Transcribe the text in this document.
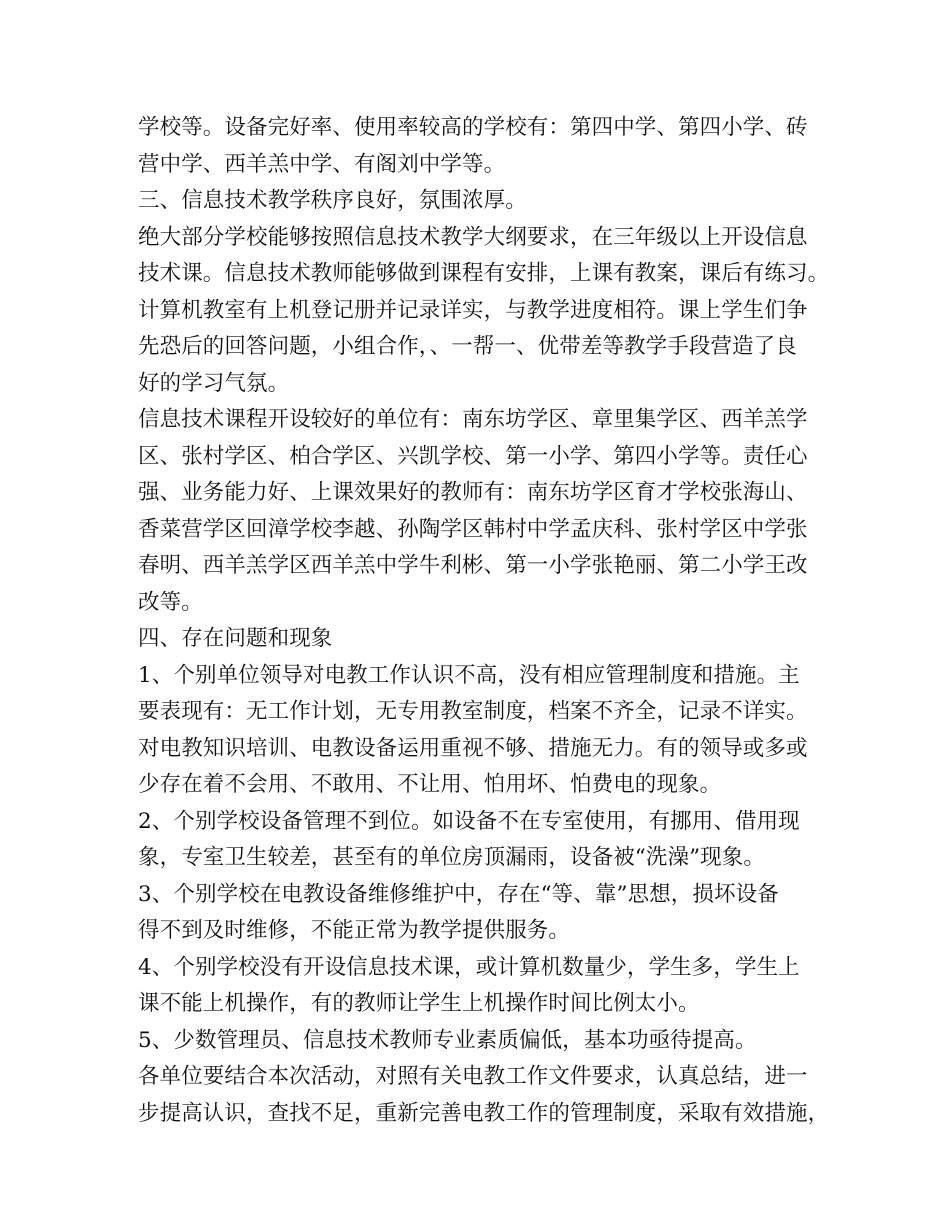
学校等。设备完好率、使用率较高的学校有：第四中学、第四小学、砖
营中学、西羊羔中学、有阁刘中学等。
三、信息技术教学秩序良好，氛围浓厚。
绝大部分学校能够按照信息技术教学大纲要求，在三年级以上开设信息
技术课。信息技术教师能够做到课程有安排，上课有教案，课后有练习。
计算机教室有上机登记册并记录详实，与教学进度相符。课上学生们争
先恐后的回答问题，小组合作，、一帮一、优带差等教学手段营造了良
好的学习气氛。
信息技术课程开设较好的单位有：南东坊学区、章里集学区、西羊羔学
区、张村学区、柏合学区、兴凯学校、第一小学、第四小学等。责任心
强、业务能力好、上课效果好的教师有：南东坊学区育才学校张海山、
香菜营学区回漳学校李越、孙陶学区韩村中学孟庆科、张村学区中学张
春明、西羊羔学区西羊羔中学牛利彬、第一小学张艳丽、第二小学王改
改等。
四、存在问题和现象
1、个别单位领导对电教工作认识不高，没有相应管理制度和措施。主
要表现有：无工作计划，无专用教室制度，档案不齐全，记录不详实。
对电教知识培训、电教设备运用重视不够、措施无力。有的领导或多或
少存在着不会用、不敢用、不让用、怕用坏、怕费电的现象。
2、个别学校设备管理不到位。如设备不在专室使用，有挪用、借用现
象，专室卫生较差，甚至有的单位房顶漏雨，设备被“洗澡”现象。
3、个别学校在电教设备维修维护中，存在“等、靠”思想，损坏设备
得不到及时维修，不能正常为教学提供服务。
4、个别学校没有开设信息技术课，或计算机数量少，学生多，学生上
课不能上机操作，有的教师让学生上机操作时间比例太小。
5、少数管理员、信息技术教师专业素质偏低，基本功亟待提高。
各单位要结合本次活动，对照有关电教工作文件要求，认真总结，进一
步提高认识，查找不足，重新完善电教工作的管理制度，采取有效措施，
